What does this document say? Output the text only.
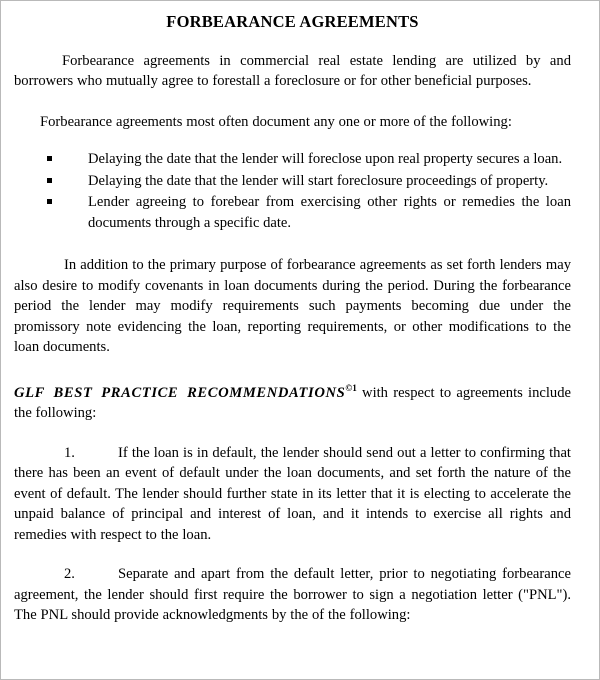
FORBEARANCE AGREEMENTS

Forbearance agreements in commercial real estate lending are utilized by and borrowers who mutually agree to forestall a foreclosure or for other beneficial purposes.

Forbearance agreements most often document any one or more of the following:

Delaying the date that the lender will foreclose upon real property secures a loan.
Delaying the date that the lender will start foreclosure proceedings of property.
Lender agreeing to forebear from exercising other rights or remedies the loan documents through a specific date.

In addition to the primary purpose of forbearance agreements as set forth lenders may also desire to modify covenants in loan documents during the period. During the forbearance period the lender may modify requirements such payments becoming due under the promissory note evidencing the loan, reporting requirements, or other modifications to the loan documents.

GLF BEST PRACTICE $RECOMMENDATIONS^{©1}$ with respect to agreements include the following:

1.	If the loan is in default, the lender should send out a letter to confirming that there has been an event of default under the loan documents, and set forth the nature of the event of default. The lender should further state in its letter that it is electing to accelerate the unpaid balance of principal and interest of loan, and it intends to exercise all rights and remedies with respect to the loan.

2.	Separate and apart from the default letter, prior to negotiating forbearance agreement, the lender should first require the borrower to sign a negotiation letter ("PNL"). The PNL should provide acknowledgments by the of the following:
